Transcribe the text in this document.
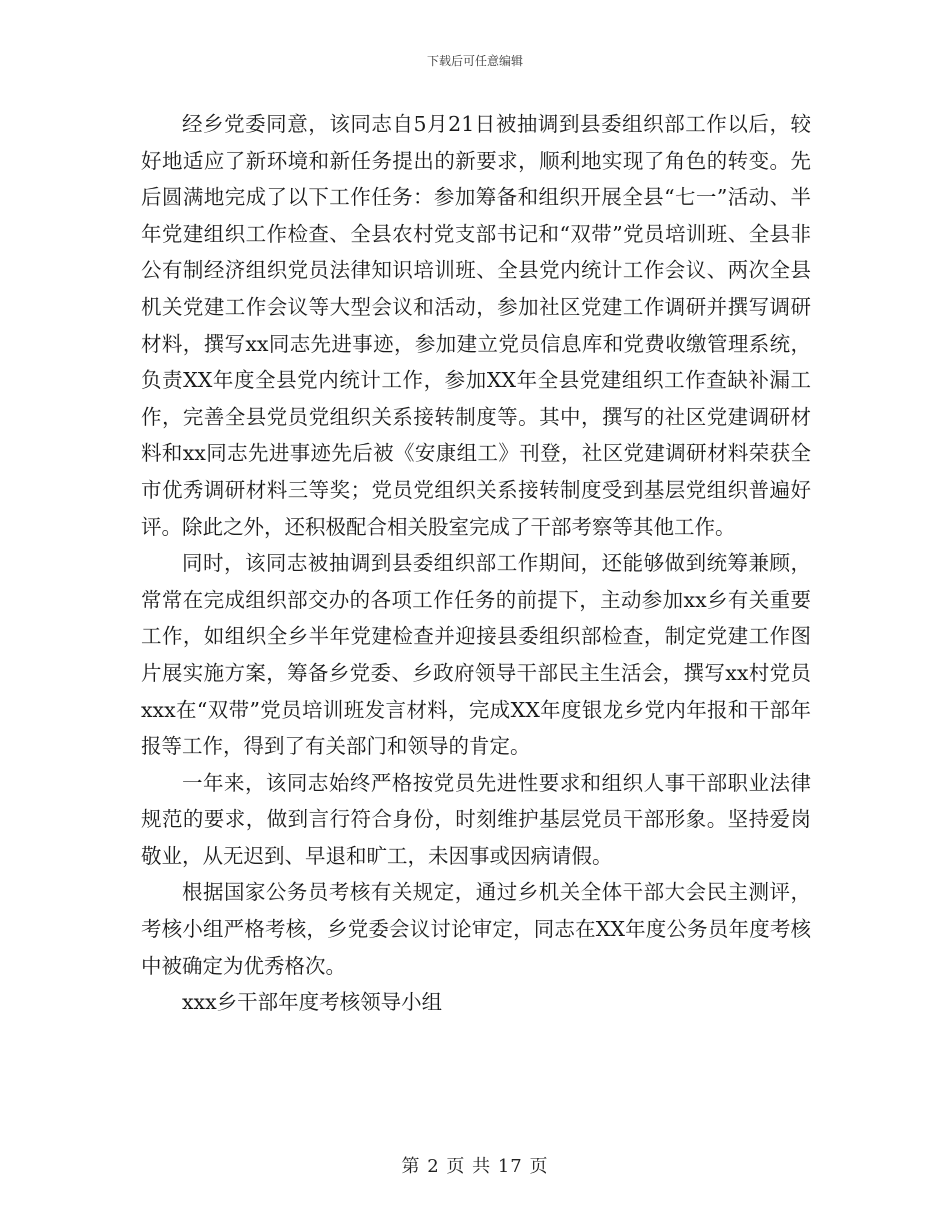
下载后可任意编辑

经乡党委同意，该同志自5月21日被抽调到县委组织部工作以后，较好地适应了新环境和新任务提出的新要求，顺利地实现了角色的转变。先后圆满地完成了以下工作任务：参加筹备和组织开展全县“七一”活动、半年党建组织工作检查、全县农村党支部书记和“双带”党员培训班、全县非公有制经济组织党员法律知识培训班、全县党内统计工作会议、两次全县机关党建工作会议等大型会议和活动，参加社区党建工作调研并撰写调研材料，撰写xx同志先进事迹，参加建立党员信息库和党费收缴管理系统，负责XX年度全县党内统计工作，参加XX年全县党建组织工作查缺补漏工作，完善全县党员党组织关系接转制度等。其中，撰写的社区党建调研材料和xx同志先进事迹先后被《安康组工》刊登，社区党建调研材料荣获全市优秀调研材料三等奖；党员党组织关系接转制度受到基层党组织普遍好评。除此之外，还积极配合相关股室完成了干部考察等其他工作。

同时，该同志被抽调到县委组织部工作期间，还能够做到统筹兼顾，常常在完成组织部交办的各项工作任务的前提下，主动参加xx乡有关重要工作，如组织全乡半年党建检查并迎接县委组织部检查，制定党建工作图片展实施方案，筹备乡党委、乡政府领导干部民主生活会，撰写xx村党员xxx在“双带”党员培训班发言材料，完成XX年度银龙乡党内年报和干部年报等工作，得到了有关部门和领导的肯定。

一年来，该同志始终严格按党员先进性要求和组织人事干部职业法律规范的要求，做到言行符合身份，时刻维护基层党员干部形象。坚持爱岗敬业，从无迟到、早退和旷工，未因事或因病请假。

根据国家公务员考核有关规定，通过乡机关全体干部大会民主测评，考核小组严格考核，乡党委会议讨论审定，同志在XX年度公务员年度考核中被确定为优秀格次。

xxx乡干部年度考核领导小组

第 2 页 共 17 页
